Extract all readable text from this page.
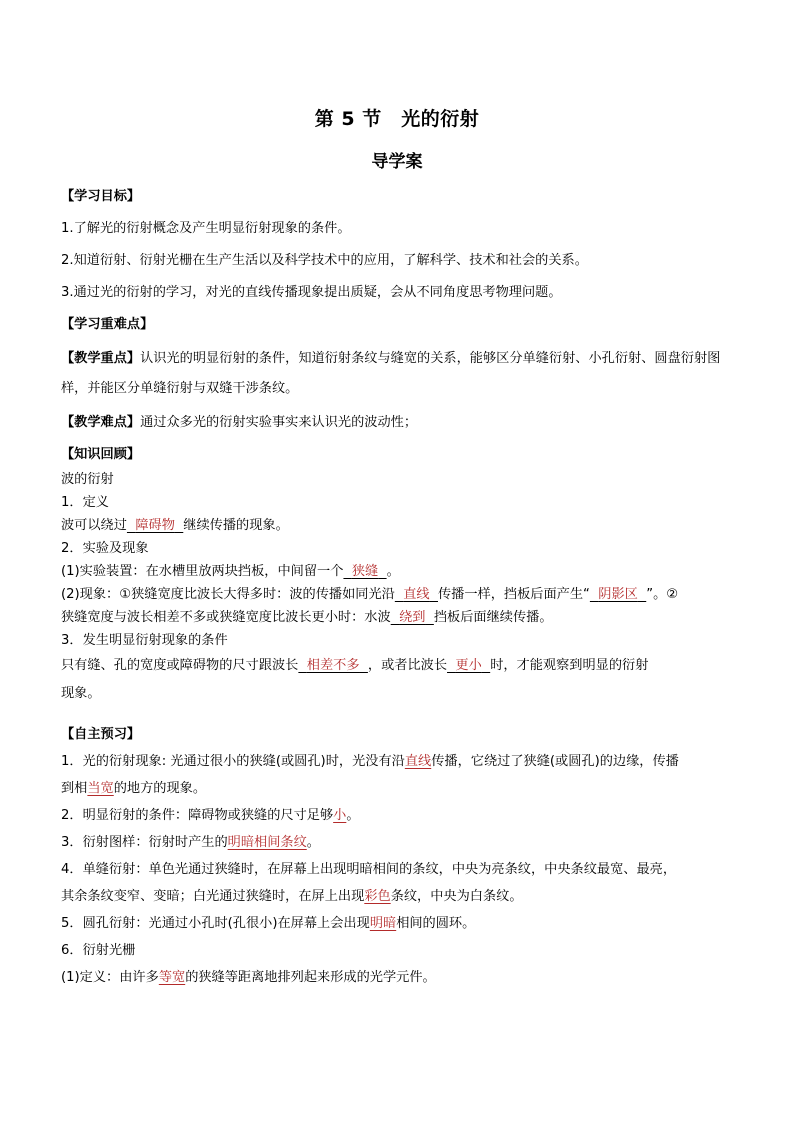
第 5 节　光的衍射
导学案

【学习目标】

1.了解光的衍射概念及产生明显衍射现象的条件。

2.知道衍射、衍射光栅在生产生活以及科学技术中的应用，了解科学、技术和社会的关系。

3.通过光的衍射的学习，对光的直线传播现象提出质疑，会从不同角度思考物理问题。

【学习重难点】

【教学重点】认识光的明显衍射的条件，知道衍射条纹与缝宽的关系，能够区分单缝衍射、小孔衍射、圆盘衍射图样，并能区分单缝衍射与双缝干涉条纹。

【教学难点】通过众多光的衍射实验事实来认识光的波动性；

【知识回顾】

波的衍射

1．定义

波可以绕过 障碍物 继续传播的现象。

2．实验及现象

(1)实验装置：在水槽里放两块挡板，中间留一个 狭缝 。

(2)现象：①狭缝宽度比波长大得多时：波的传播如同光沿 直线 传播一样，挡板后面产生“ 阴影区 ”。②

狭缝宽度与波长相差不多或狭缝宽度比波长更小时：水波 绕到 挡板后面继续传播。

3．发生明显衍射现象的条件

只有缝、孔的宽度或障碍物的尺寸跟波长 相差不多 ，或者比波长 更小 时，才能观察到明显的衍射

现象。

【自主预习】

1．光的衍射现象: 光通过很小的狭缝(或圆孔)时，光没有沿直线传播，它绕过了狭缝(或圆孔)的边缘，传播

到相当宽的地方的现象。

2．明显衍射的条件：障碍物或狭缝的尺寸足够小。

3．衍射图样：衍射时产生的明暗相间条纹。

4．单缝衍射：单色光通过狭缝时，在屏幕上出现明暗相间的条纹，中央为亮条纹，中央条纹最宽、最亮，

其余条纹变窄、变暗；白光通过狭缝时，在屏上出现彩色条纹，中央为白条纹。

5．圆孔衍射：光通过小孔时(孔很小)在屏幕上会出现明暗相间的圆环。

6．衍射光栅

(1)定义：由许多等宽的狭缝等距离地排列起来形成的光学元件。
